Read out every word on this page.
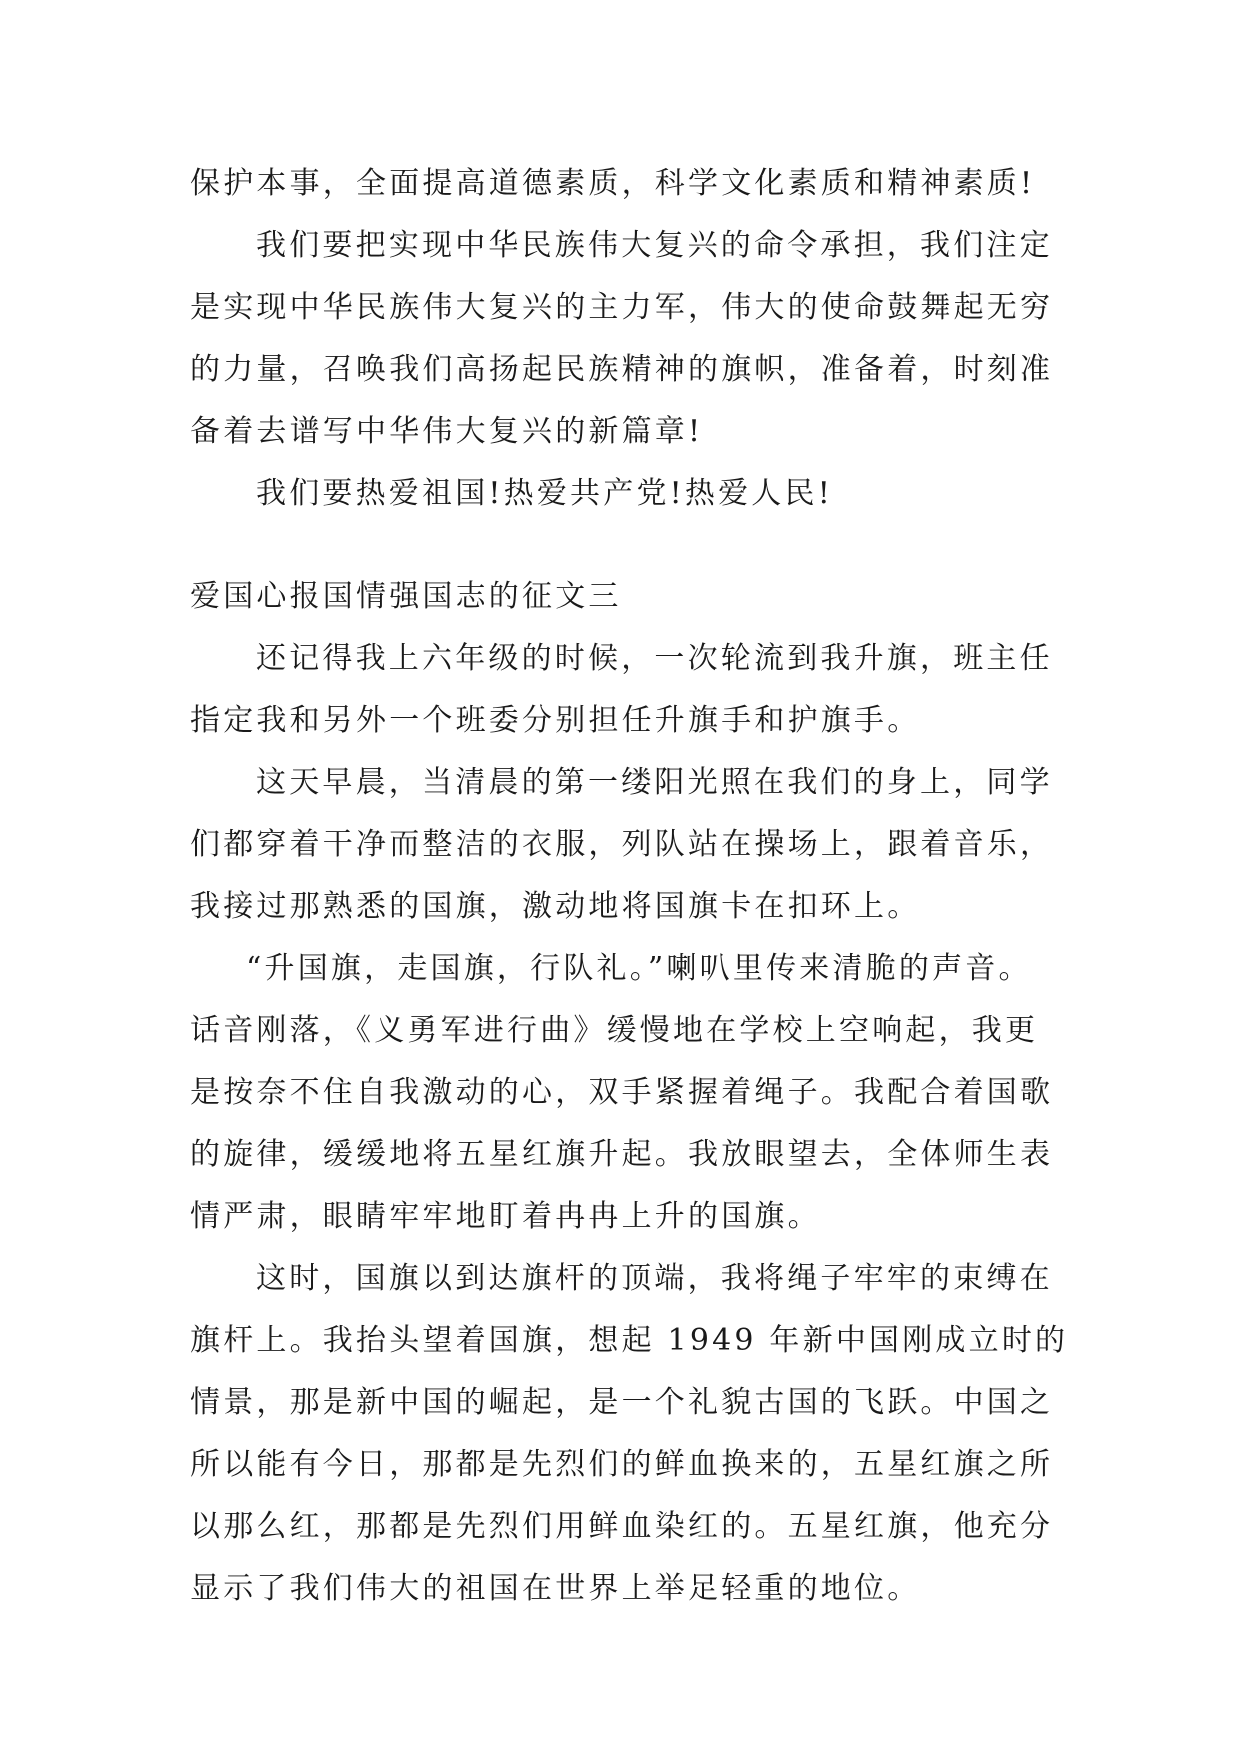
保护本事，全面提高道德素质，科学文化素质和精神素质!
我们要把实现中华民族伟大复兴的命令承担，我们注定
是实现中华民族伟大复兴的主力军，伟大的使命鼓舞起无穷
的力量，召唤我们高扬起民族精神的旗帜，准备着，时刻准
备着去谱写中华伟大复兴的新篇章!
我们要热爱祖国!热爱共产党!热爱人民!
爱国心报国情强国志的征文三
还记得我上六年级的时候，一次轮流到我升旗，班主任
指定我和另外一个班委分别担任升旗手和护旗手。
这天早晨，当清晨的第一缕阳光照在我们的身上，同学
们都穿着干净而整洁的衣服，列队站在操场上，跟着音乐，
我接过那熟悉的国旗，激动地将国旗卡在扣环上。
“升国旗，走国旗，行队礼。”喇叭里传来清脆的声音。
话音刚落，《义勇军进行曲》缓慢地在学校上空响起，我更
是按奈不住自我激动的心，双手紧握着绳子。我配合着国歌
的旋律，缓缓地将五星红旗升起。我放眼望去，全体师生表
情严肃，眼睛牢牢地盯着冉冉上升的国旗。
这时，国旗以到达旗杆的顶端，我将绳子牢牢的束缚在
旗杆上。我抬头望着国旗，想起 1949 年新中国刚成立时的
情景，那是新中国的崛起，是一个礼貌古国的飞跃。中国之
所以能有今日，那都是先烈们的鲜血换来的，五星红旗之所
以那么红，那都是先烈们用鲜血染红的。五星红旗，他充分
显示了我们伟大的祖国在世界上举足轻重的地位。
